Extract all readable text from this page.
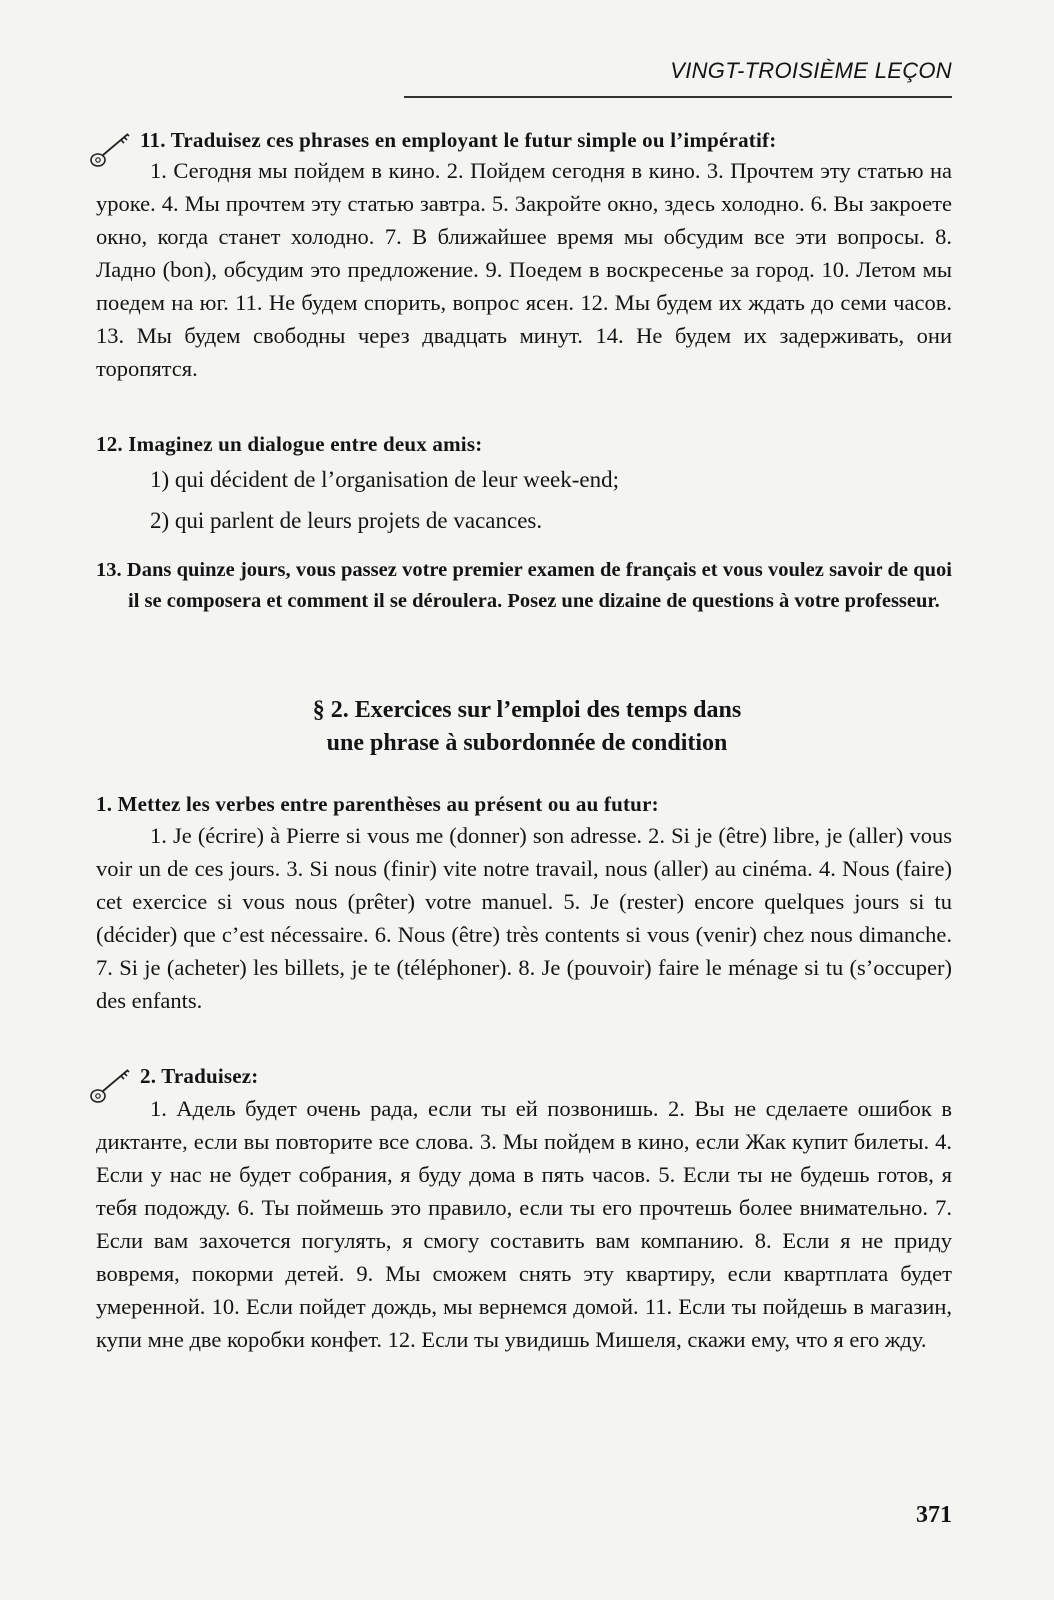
VINGT-TROISIÈME LEÇON
11. Traduisez ces phrases en employant le futur simple ou l’impératif:

1. Сегодня мы пойдем в кино. 2. Пойдем сегодня в кино. 3. Прочтем эту статью на уроке. 4. Мы прочтем эту статью завтра. 5. Закройте окно, здесь холодно. 6. Вы закроете окно, когда станет холодно. 7. В ближайшее время мы обсудим все эти вопросы. 8. Ладно (bon), обсудим это предложение. 9. Поедем в воскресенье за город. 10. Летом мы поедем на юг. 11. Не будем спорить, вопрос ясен. 12. Мы будем их ждать до семи часов. 13. Мы будем свободны через двадцать минут. 14. Не будем их задерживать, они торопятся.

12. Imaginez un dialogue entre deux amis:
1) qui décident de l’organisation de leur week-end;
2) qui parlent de leurs projets de vacances.
13. Dans quinze jours, vous passez votre premier examen de français et vous voulez savoir de quoi il se composera et comment il se déroulera. Posez une dizaine de questions à votre professeur.
§ 2. Exercices sur l’emploi des temps dans
une phrase à subordonnée de condition
1. Mettez les verbes entre parenthèses au présent ou au futur:

1. Je (écrire) à Pierre si vous me (donner) son adresse. 2. Si je (être) libre, je (aller) vous voir un de ces jours. 3. Si nous (finir) vite notre travail, nous (aller) au cinéma. 4. Nous (faire) cet exercice si vous nous (prêter) votre manuel. 5. Je (rester) encore quelques jours si tu (décider) que c’est nécessaire. 6. Nous (être) très contents si vous (venir) chez nous dimanche. 7. Si je (acheter) les billets, je te (téléphoner). 8. Je (pouvoir) faire le ménage si tu (s’occuper) des enfants.

2. Traduisez:

1. Адель будет очень рада, если ты ей позвонишь. 2. Вы не сделаете ошибок в диктанте, если вы повторите все слова. 3. Мы пойдем в кино, если Жак купит билеты. 4. Если у нас не будет собрания, я буду дома в пять часов. 5. Если ты не будешь готов, я тебя подожду. 6. Ты поймешь это правило, если ты его прочтешь более внимательно. 7. Если вам захочется погулять, я смогу составить вам компанию. 8. Если я не приду вовремя, покорми детей. 9. Мы сможем снять эту квартиру, если квартплата будет умеренной. 10. Если пойдет дождь, мы вернемся домой. 11. Если ты пойдешь в магазин, купи мне две коробки конфет. 12. Если ты увидишь Мишеля, скажи ему, что я его жду.

371
